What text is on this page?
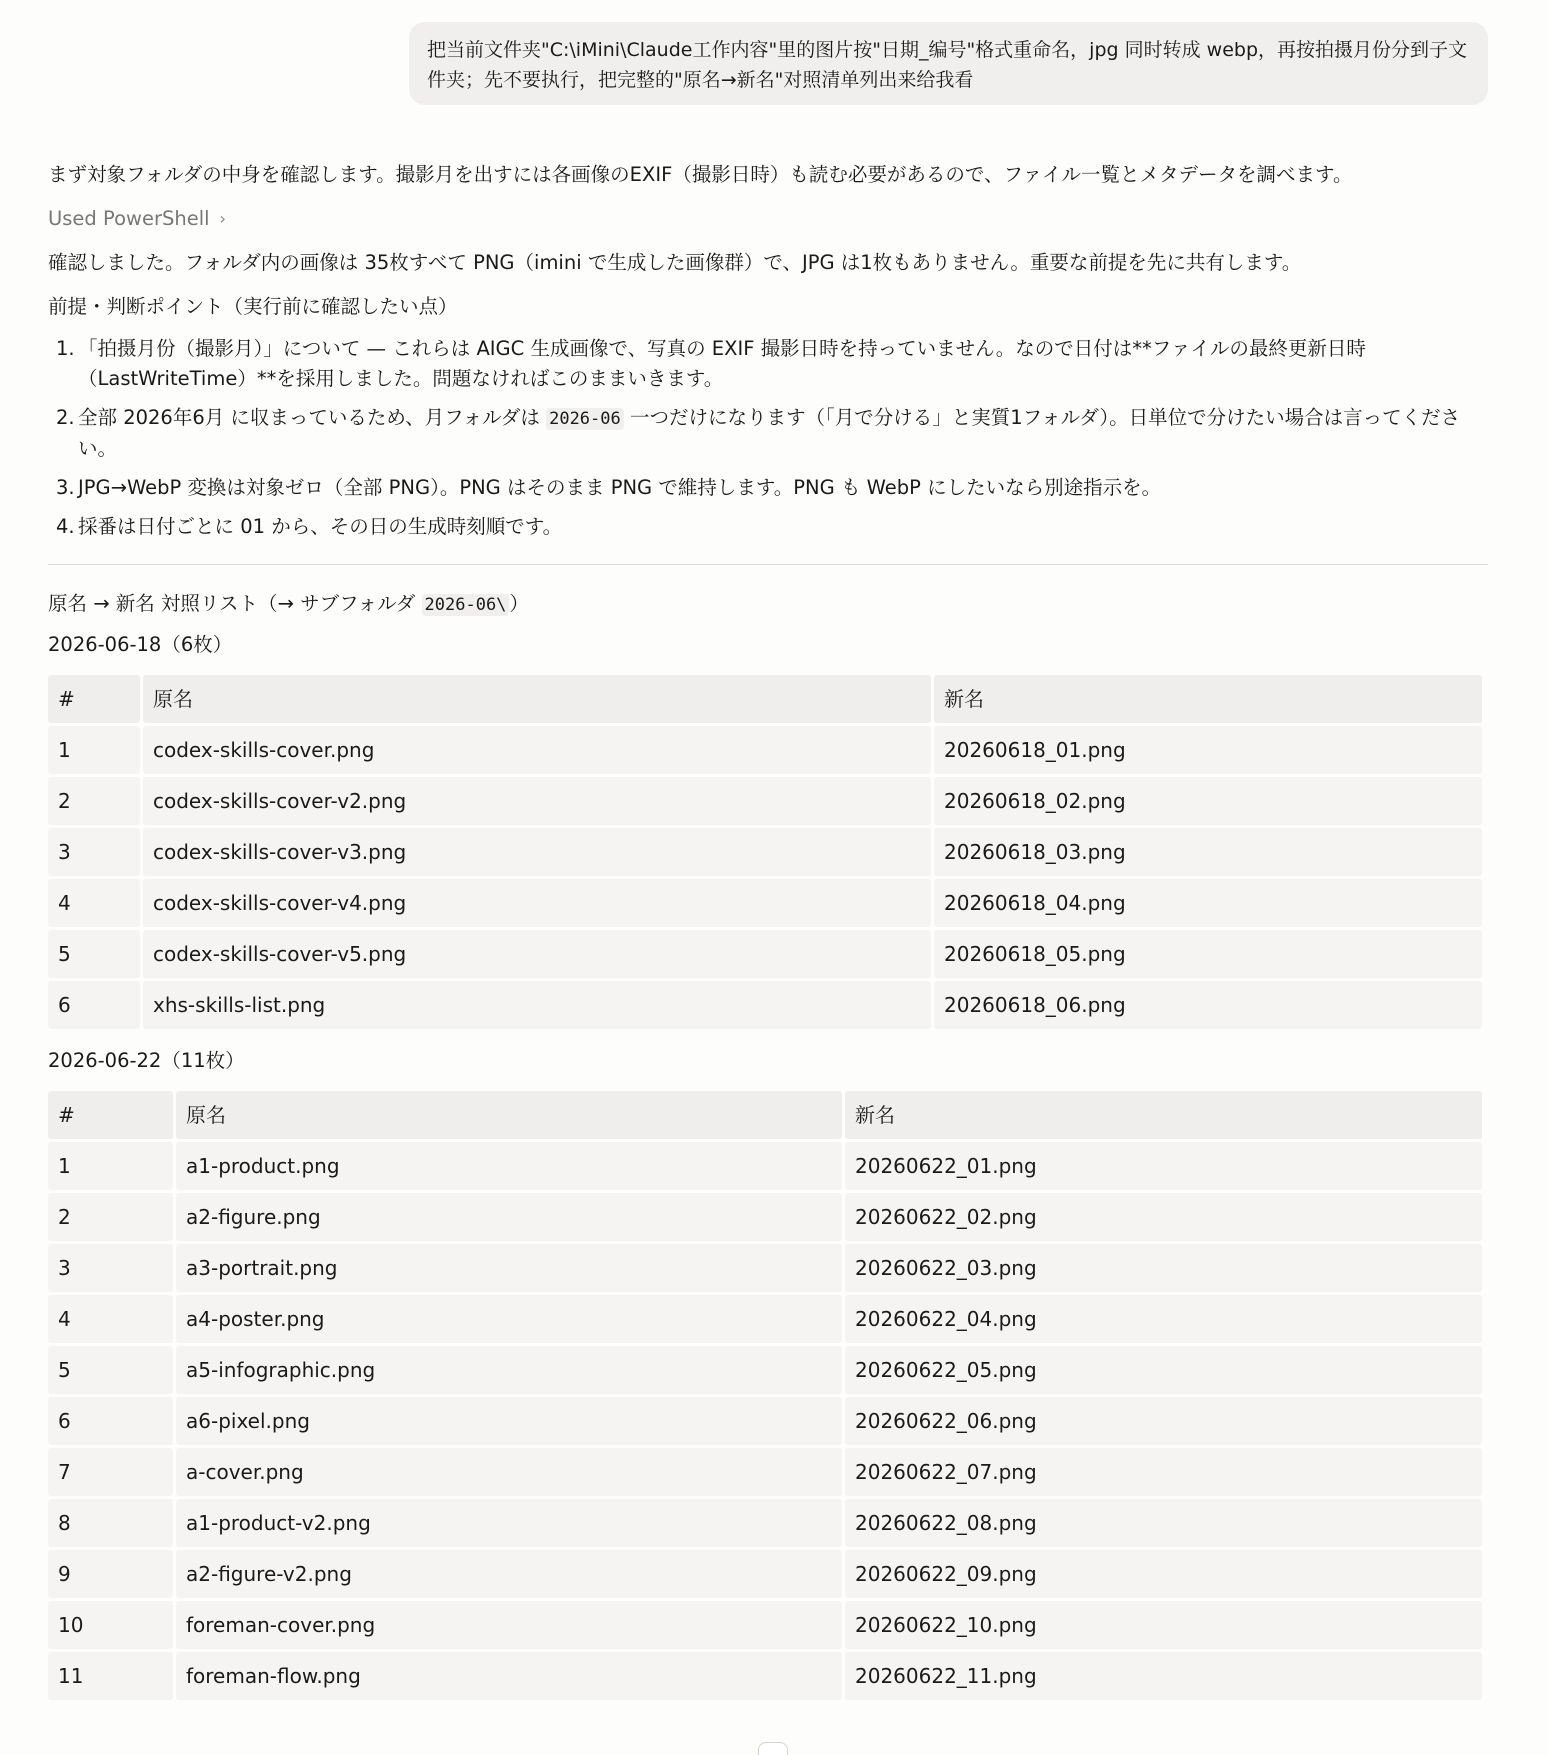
把当前文件夹"C:\iMini\Claude工作内容"里的图片按"日期_编号"格式重命名，jpg 同时转成 webp，再按拍摄月份分到子文件夹；先不要执行，把完整的"原名→新名"对照清单列出来给我看

まず対象フォルダの中身を確認します。撮影月を出すには各画像のEXIF（撮影日時）も読む必要があるので、ファイル一覧とメタデータを調べます。

Used PowerShell ›

確認しました。フォルダ内の画像は 35枚すべて PNG（imini で生成した画像群）で、JPG は1枚もありません。重要な前提を先に共有します。

前提・判断ポイント（実行前に確認したい点）

1. 「拍摄月份（撮影月）」について — これらは AIGC 生成画像で、写真の EXIF 撮影日時を持っていません。なので日付は**ファイルの最終更新日時（LastWriteTime）**を採用しました。問題なければこのままいきます。
2. 全部 2026年6月 に収まっているため、月フォルダは 2026-06 一つだけになります（「月で分ける」と実質1フォルダ）。日単位で分けたい場合は言ってください。
3. JPG→WebP 変換は対象ゼロ（全部 PNG）。PNG はそのまま PNG で維持します。PNG も WebP にしたいなら別途指示を。
4. 採番は日付ごとに 01 から、その日の生成時刻順です。

原名 → 新名 対照リスト（→ サブフォルダ 2026-06\ ）

2026-06-18（6枚）

#	原名	新名
1	codex-skills-cover.png	20260618_01.png
2	codex-skills-cover-v2.png	20260618_02.png
3	codex-skills-cover-v3.png	20260618_03.png
4	codex-skills-cover-v4.png	20260618_04.png
5	codex-skills-cover-v5.png	20260618_05.png
6	xhs-skills-list.png	20260618_06.png

2026-06-22（11枚）

#	原名	新名
1	a1-product.png	20260622_01.png
2	a2-figure.png	20260622_02.png
3	a3-portrait.png	20260622_03.png
4	a4-poster.png	20260622_04.png
5	a5-infographic.png	20260622_05.png
6	a6-pixel.png	20260622_06.png
7	a-cover.png	20260622_07.png
8	a1-product-v2.png	20260622_08.png
9	a2-figure-v2.png	20260622_09.png
10	foreman-cover.png	20260622_10.png
11	foreman-flow.png	20260622_11.png
